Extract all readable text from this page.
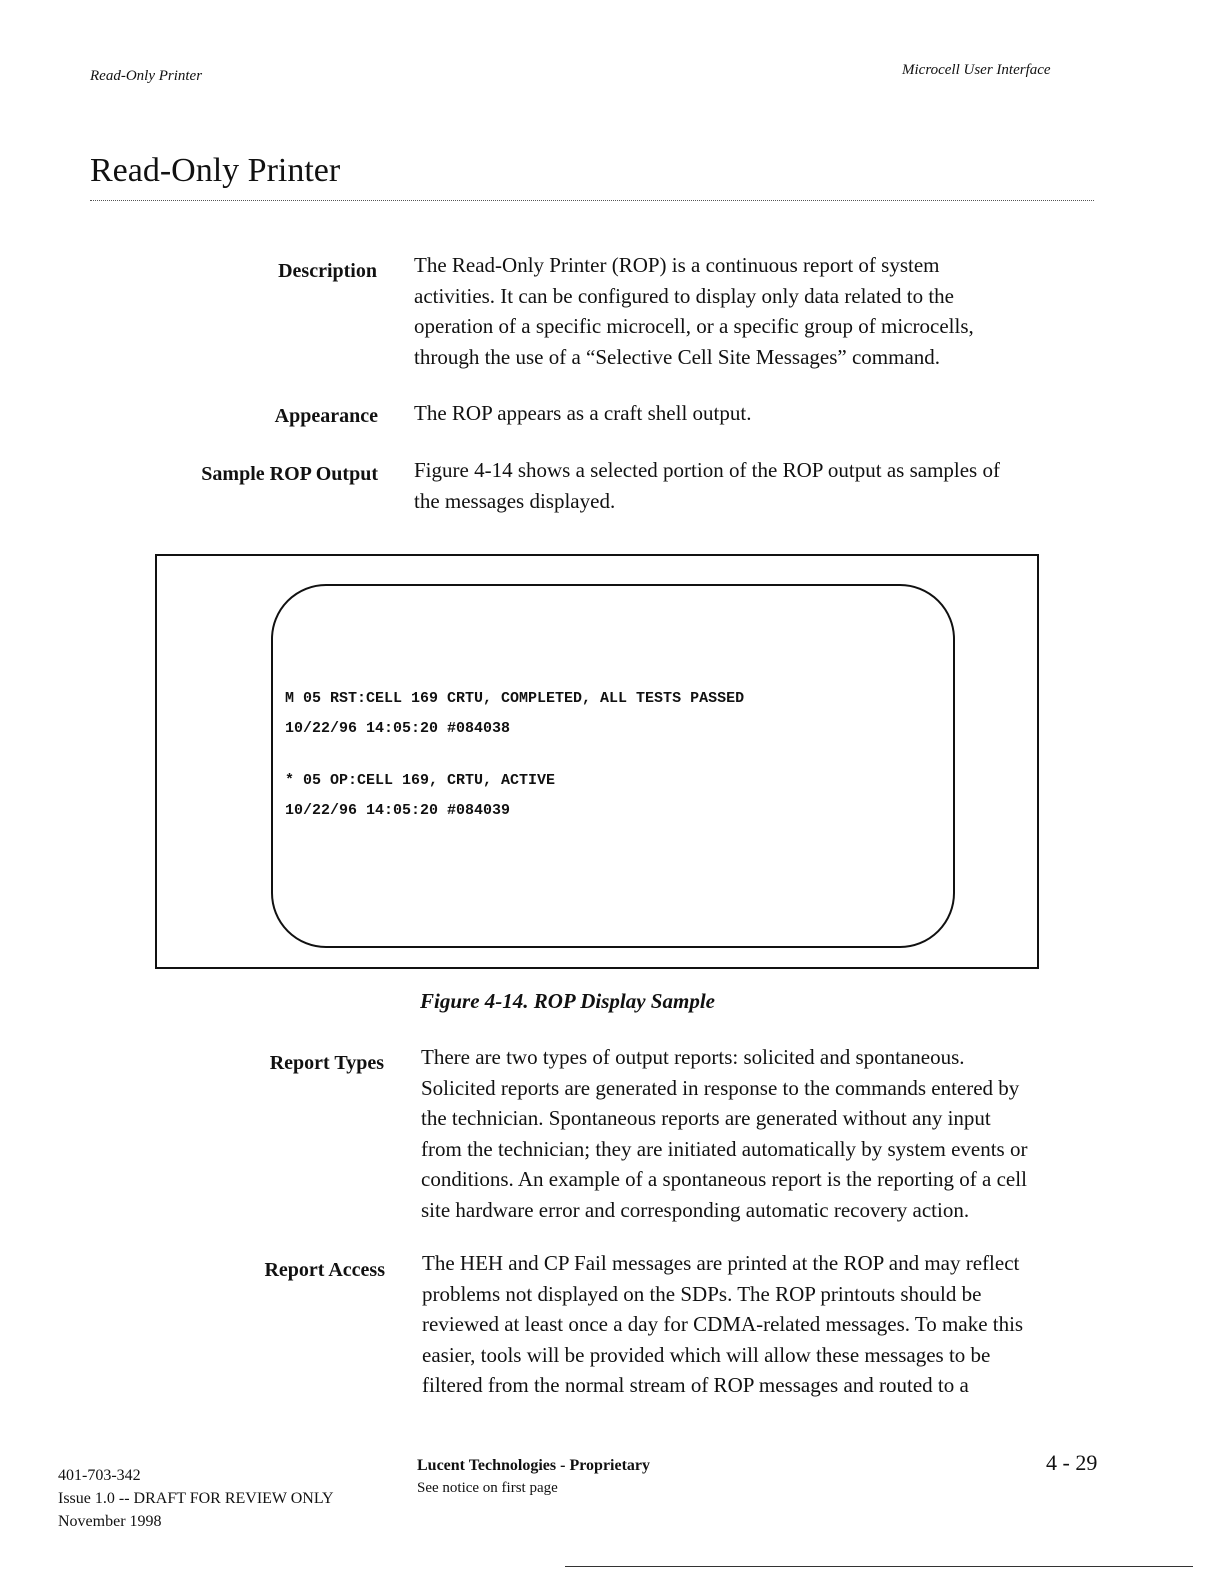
Read-Only Printer	Microcell User Interface
Read-Only Printer
Description The Read-Only Printer (ROP) is a continuous report of system
activities. It can be configured to display only data related to the
operation of a specific microcell, or a specific group of microcells,
through the use of a “Selective Cell Site Messages” command.
Appearance The ROP appears as a craft shell output.
Sample ROP Output Figure 4-14 shows a selected portion of the ROP output as samples of
the messages displayed.
M 05 RST:CELL 169 CRTU, COMPLETED, ALL TESTS PASSED
10/22/96 14:05:20 #084038
* 05 OP:CELL 169, CRTU, ACTIVE
10/22/96 14:05:20 #084039
Figure 4-14. ROP Display Sample
Report Types There are two types of output reports: solicited and spontaneous.
Solicited reports are generated in response to the commands entered by
the technician. Spontaneous reports are generated without any input
from the technician; they are initiated automatically by system events or
conditions. An example of a spontaneous report is the reporting of a cell
site hardware error and corresponding automatic recovery action.
Report Access The HEH and CP Fail messages are printed at the ROP and may reflect
problems not displayed on the SDPs. The ROP printouts should be
reviewed at least once a day for CDMA-related messages. To make this
easier, tools will be provided which will allow these messages to be
filtered from the normal stream of ROP messages and routed to a
401-703-342
Issue 1.0 -- DRAFT FOR REVIEW ONLY
November 1998
Lucent Technologies - Proprietary
See notice on first page
4 - 29
